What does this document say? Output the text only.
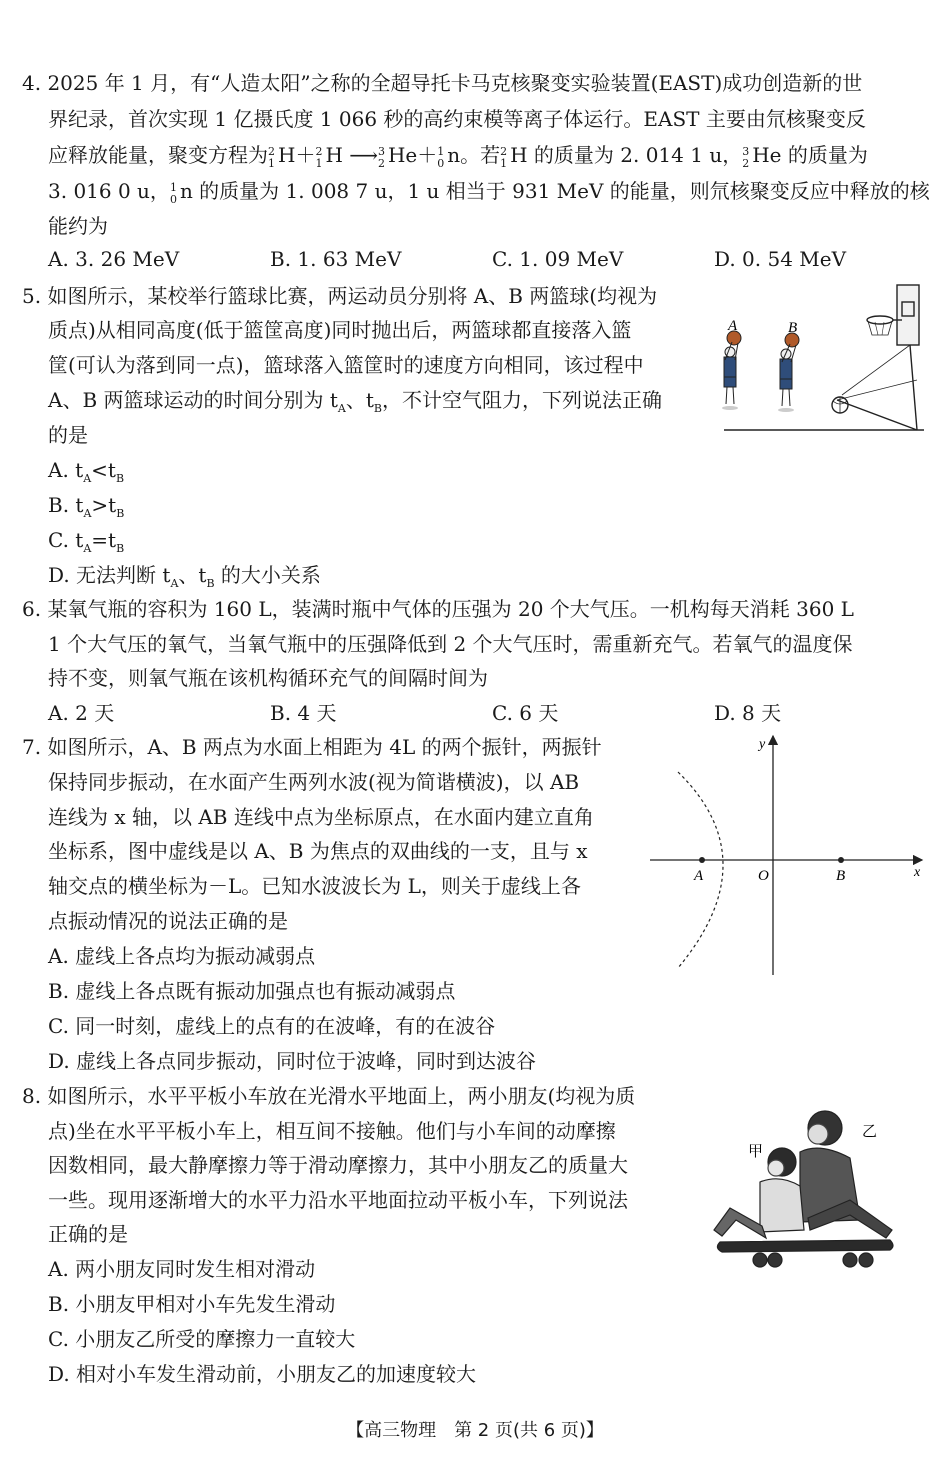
4. 2025 年 1 月，有“人造太阳”之称的全超导托卡马克核聚变实验装置(EAST)成功创造新的世
界纪录，首次实现 1 亿摄氏度 1 066 秒的高约束模等离子体运行。EAST 主要由氘核聚变反
应释放能量，聚变方程为 2
1 H＋ 2
1 H ⟶ 3
2 He＋ 1
0 n。若 2
1 H 的质量为 2. 014 1 u， 3
2 He 的质量为
3. 016 0 u， 1
0 n 的质量为 1. 008 7 u，1 u 相当于 931 MeV 的能量，则氘核聚变反应中释放的核
能约为
A. 3. 26 MeV	B. 1. 63 MeV	C. 1. 09 MeV	D. 0. 54 MeV
5. 如图所示，某校举行篮球比赛，两运动员分别将 A、B 两篮球(均视为
质点)从相同高度(低于篮筐高度)同时抛出后，两篮球都直接落入篮
筐(可认为落到同一点)，篮球落入篮筐时的速度方向相同，该过程中
A、B 两篮球运动的时间分别为 $t_A$、$t_B$，不计空气阻力，下列说法正确
的是
A. $t_A<t_B$
B. $t_A>t_B$
C. $t_A=t_B$
D. 无法判断 $t_A$、$t_B$ 的大小关系
A	B
6. 某氧气瓶的容积为 160 L，装满时瓶中气体的压强为 20 个大气压。一机构每天消耗 360 L
1 个大气压的氧气，当氧气瓶中的压强降低到 2 个大气压时，需重新充气。若氧气的温度保
持不变，则氧气瓶在该机构循环充气的间隔时间为
A. 2 天	B. 4 天	C. 6 天	D. 8 天
7. 如图所示，A、B 两点为水面上相距为 4L 的两个振针，两振针
保持同步振动，在水面产生两列水波(视为简谐横波)，以 AB
连线为 x 轴，以 AB 连线中点为坐标原点，在水面内建立直角
坐标系，图中虚线是以 A、B 为焦点的双曲线的一支，且与 x
轴交点的横坐标为－L。已知水波波长为 L，则关于虚线上各
点振动情况的说法正确的是
A. 虚线上各点均为振动减弱点
B. 虚线上各点既有振动加强点也有振动减弱点
C. 同一时刻，虚线上的点有的在波峰，有的在波谷
D. 虚线上各点同步振动，同时位于波峰，同时到达波谷
y
x
A	O	B
8. 如图所示，水平平板小车放在光滑水平地面上，两小朋友(均视为质
点)坐在水平平板小车上，相互间不接触。他们与小车间的动摩擦
因数相同，最大静摩擦力等于滑动摩擦力，其中小朋友乙的质量大
一些。现用逐渐增大的水平力沿水平地面拉动平板小车，下列说法
正确的是
A. 两小朋友同时发生相对滑动
B. 小朋友甲相对小车先发生滑动
C. 小朋友乙所受的摩擦力一直较大
D. 相对小车发生滑动前，小朋友乙的加速度较大
甲
乙
【高三物理　第 2 页(共 6 页)】
